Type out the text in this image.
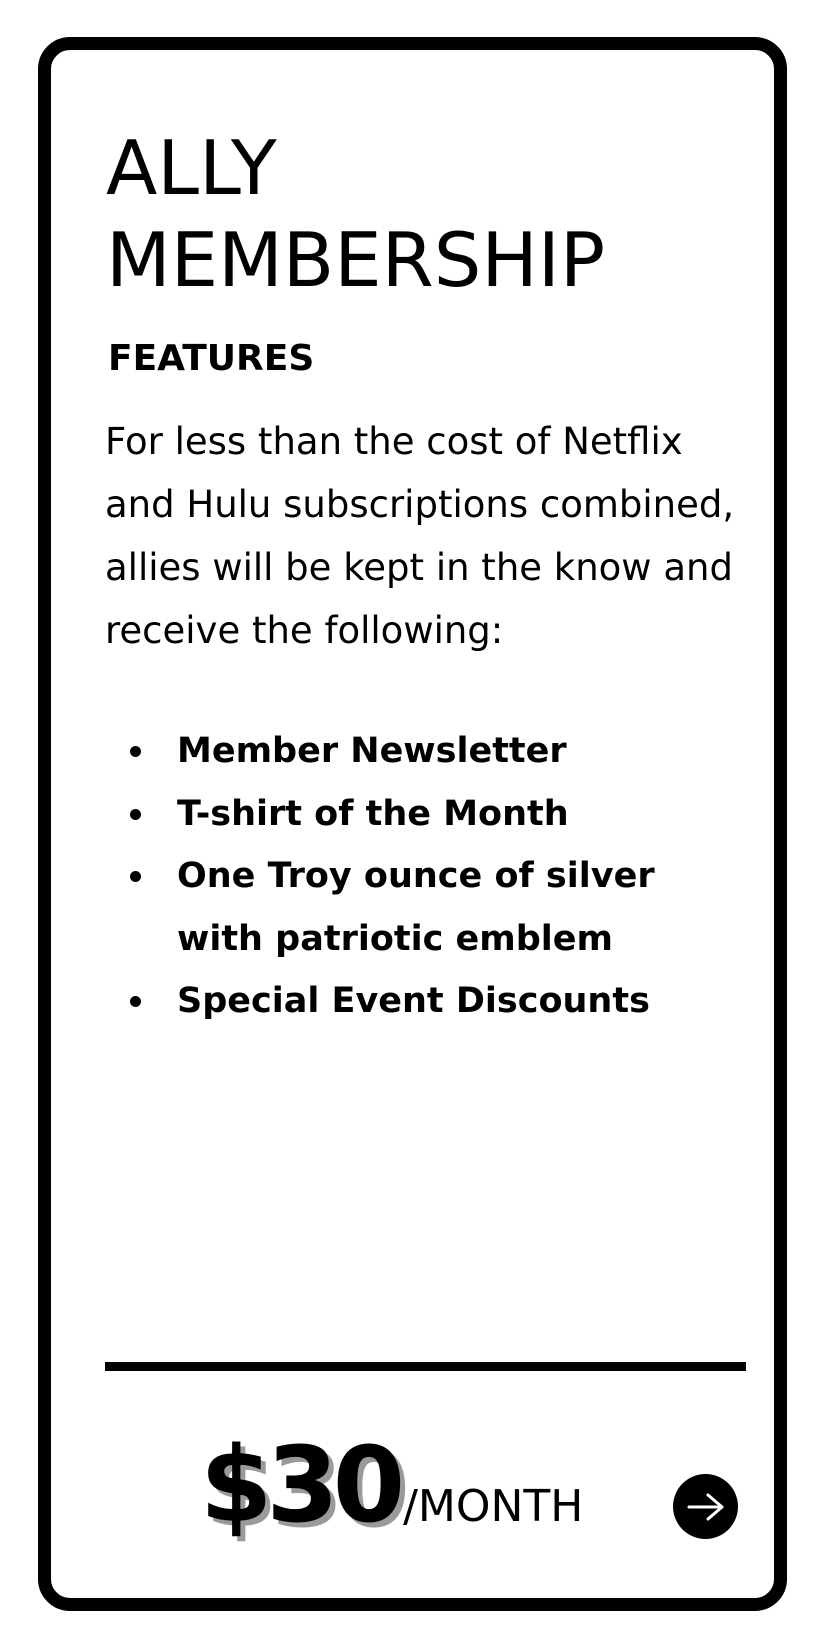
ALLY
MEMBERSHIP
FEATURES

For less than the cost of Netflix and Hulu subscriptions combined, allies will be kept in the know and receive the following:

Member Newsletter
T-shirt of the Month
One Troy ounce of silver with patriotic emblem
Special Event Discounts
$30 /MONTH
